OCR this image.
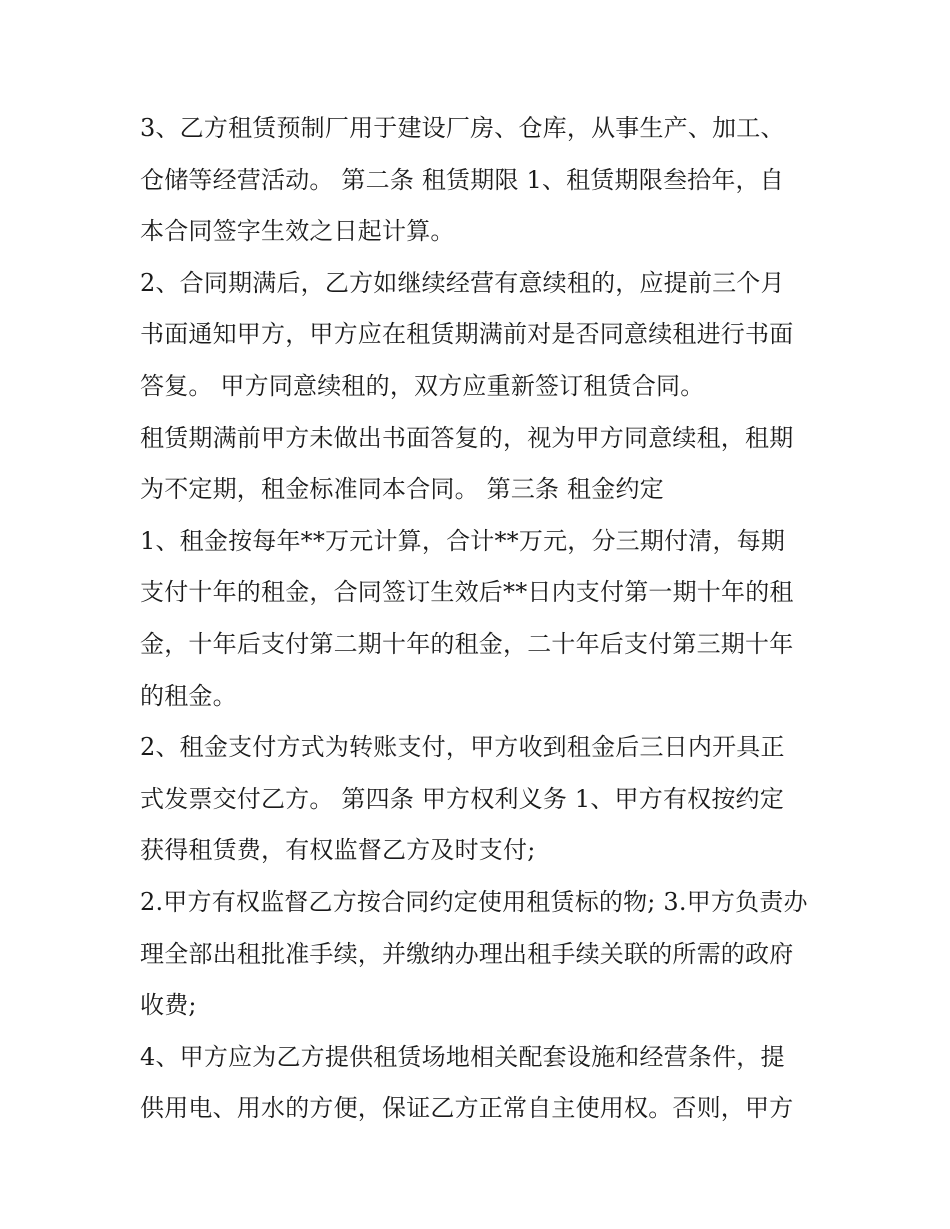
3、乙方租赁预制厂用于建设厂房、仓库，从事生产、加工、
仓储等经营活动。 第二条 租赁期限 1、租赁期限叁拾年，自
本合同签字生效之日起计算。
2、合同期满后，乙方如继续经营有意续租的，应提前三个月
书面通知甲方，甲方应在租赁期满前对是否同意续租进行书面
答复。 甲方同意续租的，双方应重新签订租赁合同。
租赁期满前甲方未做出书面答复的，视为甲方同意续租，租期
为不定期，租金标准同本合同。 第三条 租金约定
1、租金按每年**万元计算，合计**万元，分三期付清，每期
支付十年的租金，合同签订生效后**日内支付第一期十年的租
金，十年后支付第二期十年的租金，二十年后支付第三期十年
的租金。
2、租金支付方式为转账支付，甲方收到租金后三日内开具正
式发票交付乙方。 第四条 甲方权利义务 1、甲方有权按约定
获得租赁费，有权监督乙方及时支付;
2.甲方有权监督乙方按合同约定使用租赁标的物; 3.甲方负责办
理全部出租批准手续，并缴纳办理出租手续关联的所需的政府
收费;
4、甲方应为乙方提供租赁场地相关配套设施和经营条件，提
供用电、用水的方便，保证乙方正常自主使用权。否则，甲方
